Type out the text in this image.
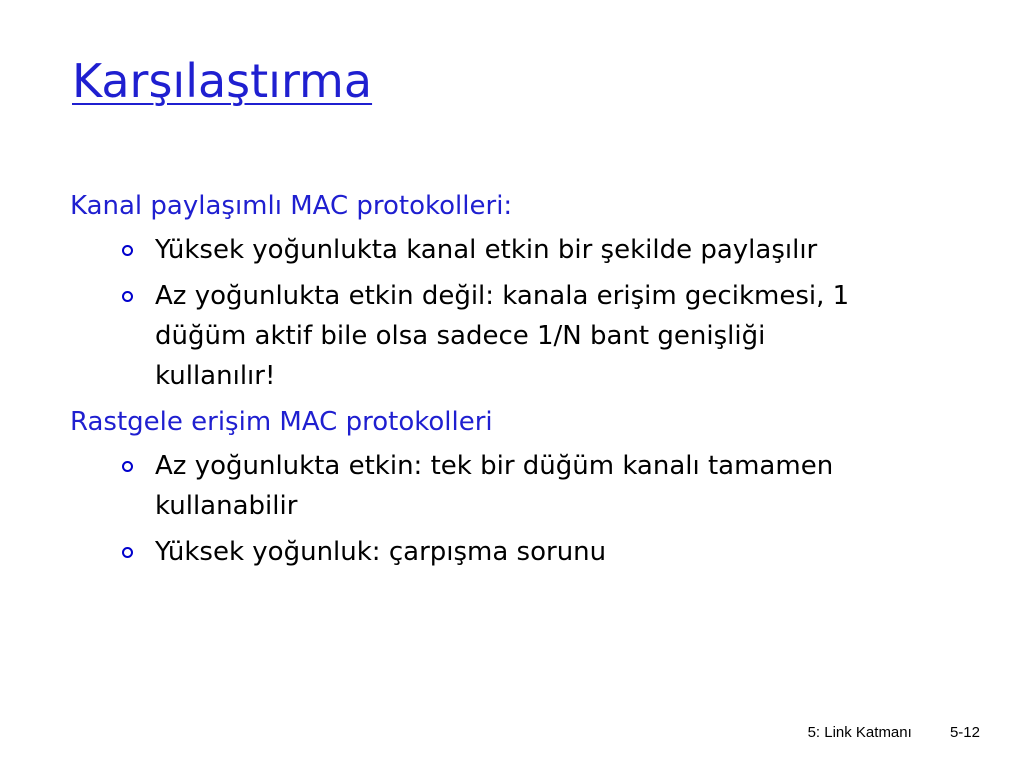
Karşılaştırma
Kanal paylaşımlı MAC protokolleri:
Yüksek yoğunlukta kanal etkin bir şekilde paylaşılır
Az yoğunlukta etkin değil: kanala erişim gecikmesi, 1 düğüm aktif bile olsa sadece 1/N bant genişliği kullanılır!
Rastgele erişim MAC protokolleri
Az yoğunlukta etkin: tek bir düğüm kanalı tamamen kullanabilir
Yüksek yoğunluk: çarpışma sorunu
5: Link Katmanı	5-12
